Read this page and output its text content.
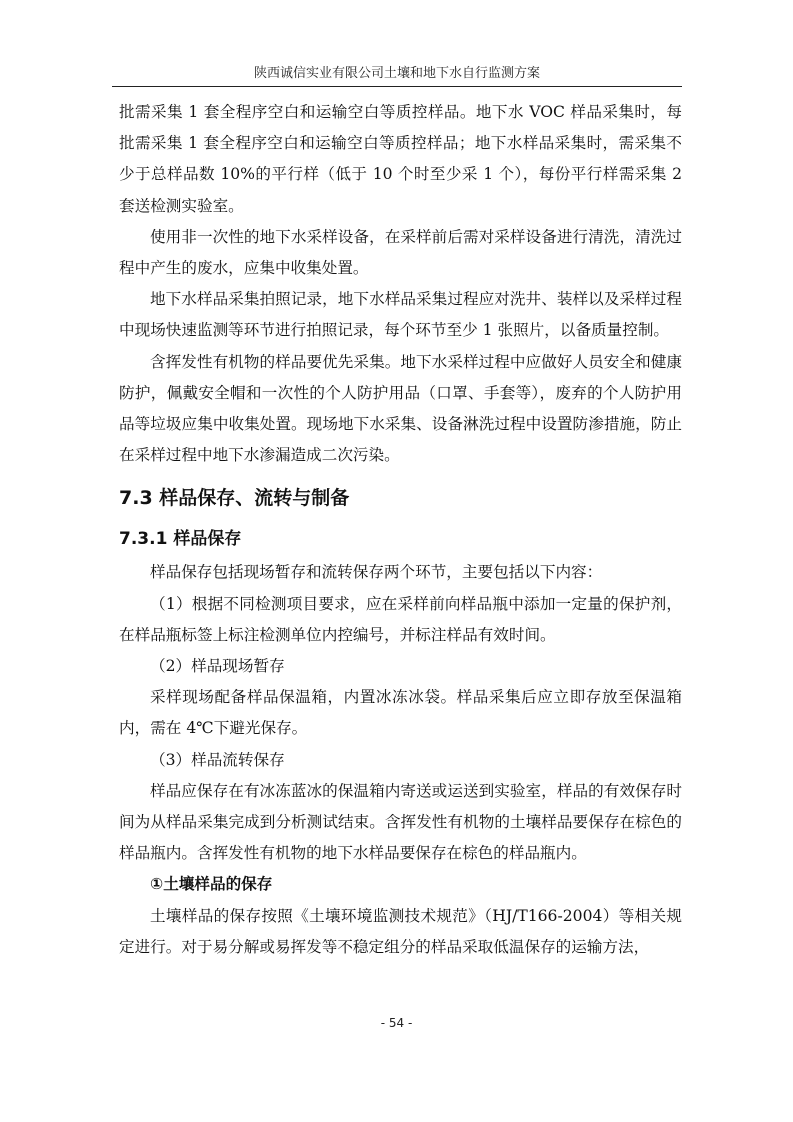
陕西诚信实业有限公司土壤和地下水自行监测方案

批需采集 1 套全程序空白和运输空白等质控样品。地下水 VOC 样品采集时，每批需采集 1 套全程序空白和运输空白等质控样品；地下水样品采集时，需采集不少于总样品数 10%的平行样（低于 10 个时至少采 1 个），每份平行样需采集 2 套送检测实验室。

使用非一次性的地下水采样设备，在采样前后需对采样设备进行清洗，清洗过程中产生的废水，应集中收集处置。

地下水样品采集拍照记录，地下水样品采集过程应对洗井、装样以及采样过程中现场快速监测等环节进行拍照记录，每个环节至少 1 张照片，以备质量控制。

含挥发性有机物的样品要优先采集。地下水采样过程中应做好人员安全和健康防护，佩戴安全帽和一次性的个人防护用品（口罩、手套等），废弃的个人防护用品等垃圾应集中收集处置。现场地下水采集、设备淋洗过程中设置防渗措施，防止在采样过程中地下水渗漏造成二次污染。

7.3 样品保存、流转与制备
7.3.1 样品保存

样品保存包括现场暂存和流转保存两个环节，主要包括以下内容：

（1）根据不同检测项目要求，应在采样前向样品瓶中添加一定量的保护剂，在样品瓶标签上标注检测单位内控编号，并标注样品有效时间。

（2）样品现场暂存

采样现场配备样品保温箱，内置冰冻冰袋。样品采集后应立即存放至保温箱内，需在 4℃下避光保存。

（3）样品流转保存

样品应保存在有冰冻蓝冰的保温箱内寄送或运送到实验室，样品的有效保存时间为从样品采集完成到分析测试结束。含挥发性有机物的土壤样品要保存在棕色的样品瓶内。含挥发性有机物的地下水样品要保存在棕色的样品瓶内。

①土壤样品的保存

土壤样品的保存按照《土壤环境监测技术规范》（HJ/T166-2004）等相关规定进行。对于易分解或易挥发等不稳定组分的样品采取低温保存的运输方法，

- 54 -
